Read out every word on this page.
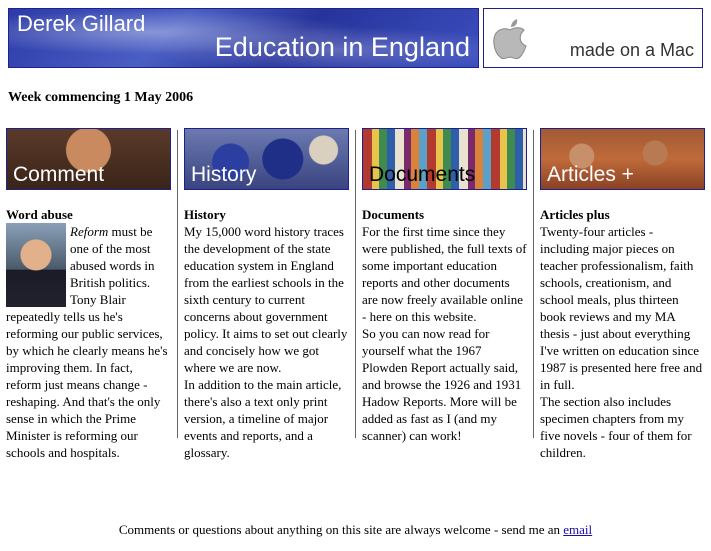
Derek Gillard
Education in England	made on a Mac
Week commencing 1 May 2006
Comment
Word abuse
Reform must be one of the most abused words in British politics. Tony Blair repeatedly tells us he's reforming our public services, by which he clearly means he's improving them. In fact, reform just means change - reshaping. And that's the only sense in which the Prime Minister is reforming our schools and hospitals.
History
History

My 15,000 word history traces the development of the state education system in England from the earliest schools in the sixth century to current concerns about government policy. It aims to set out clearly and concisely how we got where we are now.

In addition to the main article, there's also a text only print version, a timeline of major events and reports, and a glossary.

Documents
Documents

For the first time since they were published, the full texts of some important education reports and other documents are now freely available online - here on this website.

So you can now read for yourself what the 1967 Plowden Report actually said, and browse the 1926 and 1931 Hadow Reports. More will be added as fast as I (and my scanner) can work!

Articles +
Articles plus

Twenty-four articles - including major pieces on teacher professionalism, faith schools, creationism, and school meals, plus thirteen book reviews and my MA thesis - just about everything I've written on education since 1987 is presented here free and in full.

The section also includes specimen chapters from my five novels - four of them for children.

Comments or questions about anything on this site are always welcome - send me an email
